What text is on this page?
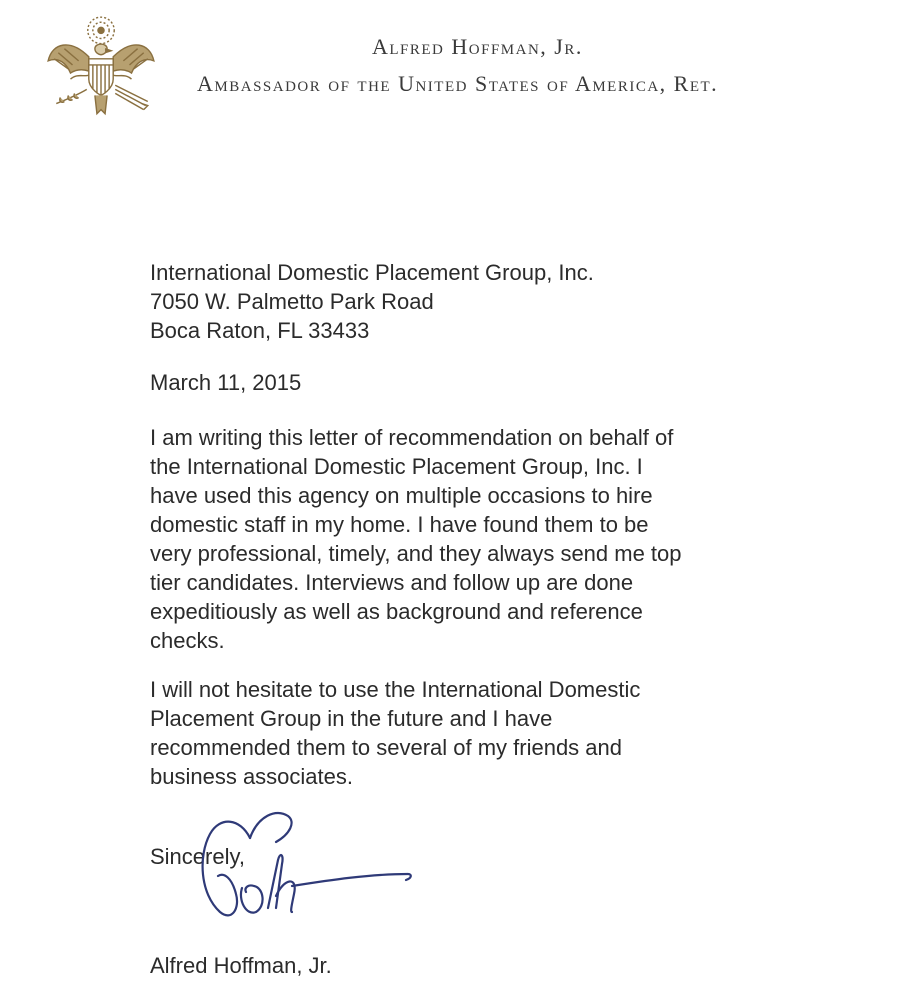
Alfred Hoffman, Jr.
Ambassador of the United States of America, Ret.
International Domestic Placement Group, Inc.
7050 W. Palmetto Park Road
Boca Raton, FL 33433
March 11, 2015
I am writing this letter of recommendation on behalf of
the International Domestic Placement Group, Inc. I
have used this agency on multiple occasions to hire
domestic staff in my home. I have found them to be
very professional, timely, and they always send me top
tier candidates. Interviews and follow up are done
expeditiously as well as background and reference
checks.
I will not hesitate to use the International Domestic
Placement Group in the future and I have
recommended them to several of my friends and
business associates.
Sincerely,
Alfred Hoffman, Jr.
